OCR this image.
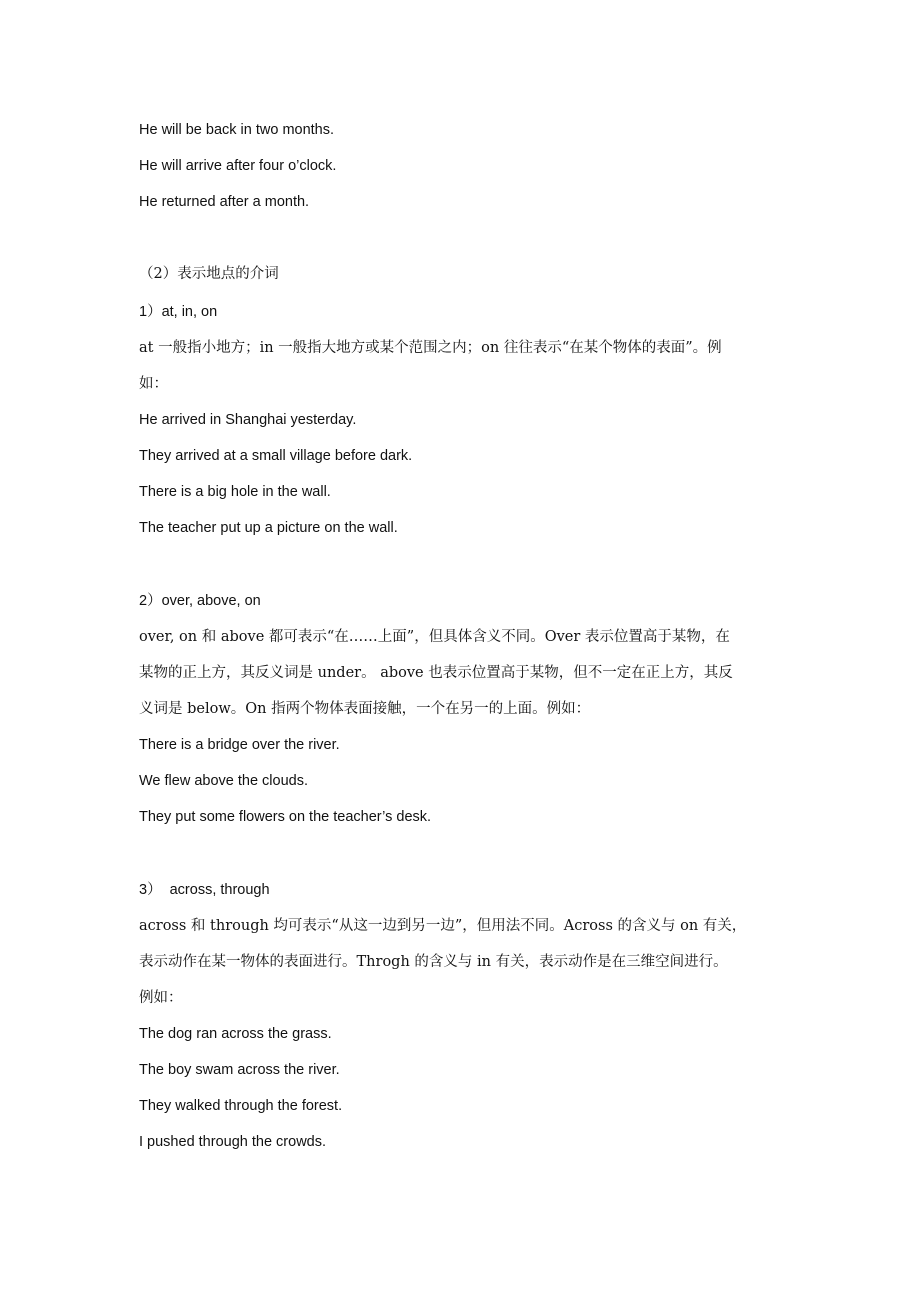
He will be back in two months.
He will arrive after four o’clock.
He returned after a month.
（2）表示地点的介词
1）at, in, on
at 一般指小地方；in 一般指大地方或某个范围之内；on 往往表示“在某个物体的表面”。例
如：
He arrived in Shanghai yesterday.
They arrived at a small village before dark.
There is a big hole in the wall.
The teacher put up a picture on the wall.
2）over, above, on
over, on 和 above 都可表示“在……上面”，但具体含义不同。Over 表示位置高于某物，在
某物的正上方，其反义词是 under。 above 也表示位置高于某物，但不一定在正上方，其反
义词是 below。On 指两个物体表面接触，一个在另一的上面。例如：
There is a bridge over the river.
We flew above the clouds.
They put some flowers on the teacher’s desk.
3）  across, through
across 和 through 均可表示“从这一边到另一边”，但用法不同。Across 的含义与 on 有关，
表示动作在某一物体的表面进行。Throgh 的含义与 in 有关，表示动作是在三维空间进行。
例如：
The dog ran across the grass.
The boy swam across the river.
They walked through the forest.
I pushed through the crowds.
